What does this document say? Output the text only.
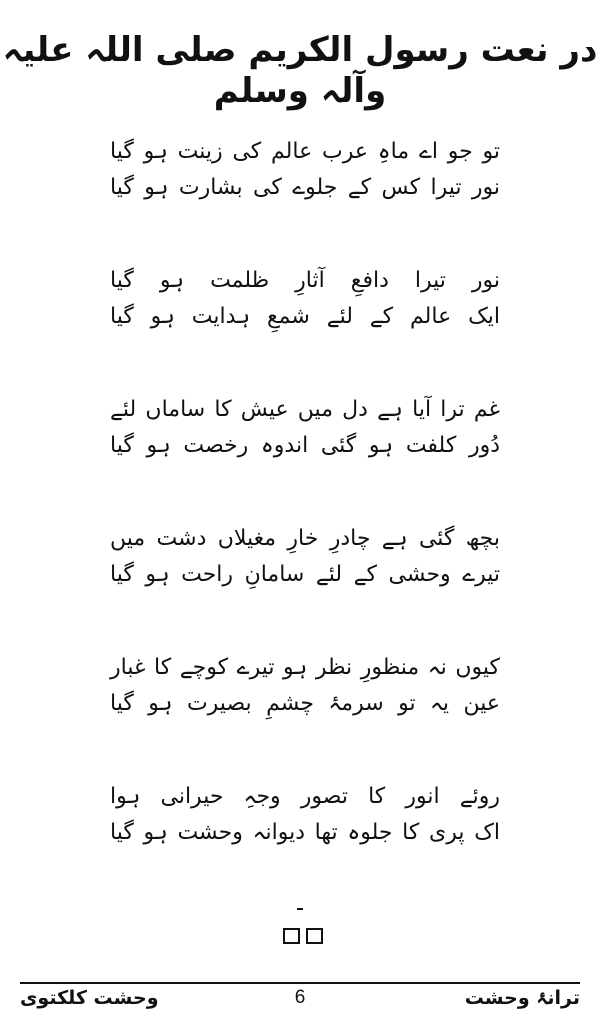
در نعت رسول الکریم صلی اللہ علیہ وآلہ وسلم
تو جو اے ماہِ عرب عالم کی زینت ہو گیا
نور تیرا کس کے جلوے کی بشارت ہو گیا
نور تیرا دافعِ آثارِ ظلمت ہو گیا
ایک عالم کے لئے شمعِ ہدایت ہو گیا
غم ترا آیا ہے دل میں عیش کا ساماں لئے
دُور کلفت ہو گئی اندوہ رخصت ہو گیا
بچھ گئی ہے چادرِ خارِ مغیلاں دشت میں
تیرے وحشی کے لئے سامانِ راحت ہو گیا
کیوں نہ منظورِ نظر ہو تیرے کوچے کا غبار
عین یہ تو سرمۂ چشمِ بصیرت ہو گیا
روئے انور کا تصور وجہِ حیرانی ہوا
اک پری کا جلوہ تھا دیوانہ وحشت ہو گیا
وحشت کلکتوی	6	ترانۂ وحشت
